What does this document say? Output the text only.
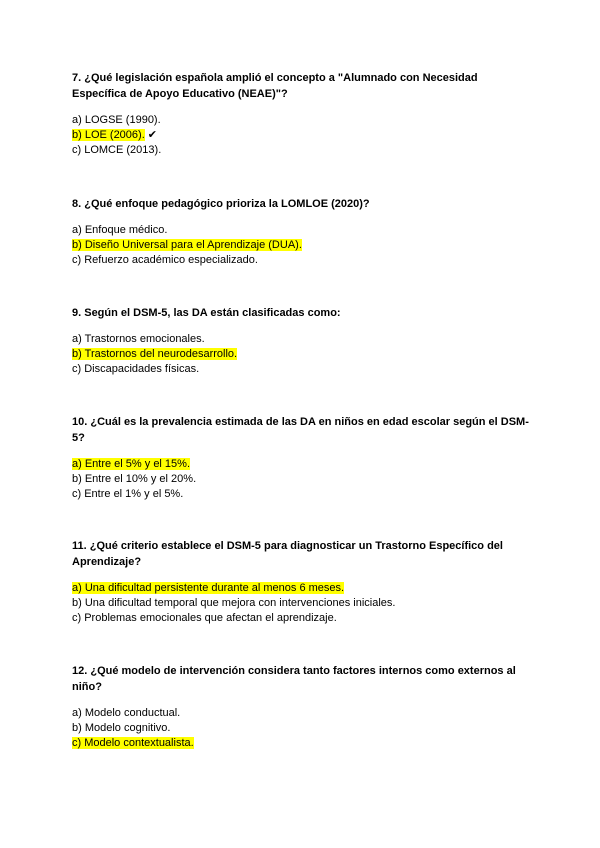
7. ¿Qué legislación española amplió el concepto a "Alumnado con Necesidad Específica de Apoyo Educativo (NEAE)"?

a) LOGSE (1990).
b) LOE (2006). ✔
c) LOMCE (2013).

8. ¿Qué enfoque pedagógico prioriza la LOMLOE (2020)?

a) Enfoque médico.
b) Diseño Universal para el Aprendizaje (DUA).
c) Refuerzo académico especializado.

9. Según el DSM-5, las DA están clasificadas como:

a) Trastornos emocionales.
b) Trastornos del neurodesarrollo.
c) Discapacidades físicas.

10. ¿Cuál es la prevalencia estimada de las DA en niños en edad escolar según el DSM-5?

a) Entre el 5% y el 15%.
b) Entre el 10% y el 20%.
c) Entre el 1% y el 5%.

11. ¿Qué criterio establece el DSM-5 para diagnosticar un Trastorno Específico del Aprendizaje?

a) Una dificultad persistente durante al menos 6 meses.
b) Una dificultad temporal que mejora con intervenciones iniciales.
c) Problemas emocionales que afectan el aprendizaje.

12. ¿Qué modelo de intervención considera tanto factores internos como externos al niño?

a) Modelo conductual.
b) Modelo cognitivo.
c) Modelo contextualista.
